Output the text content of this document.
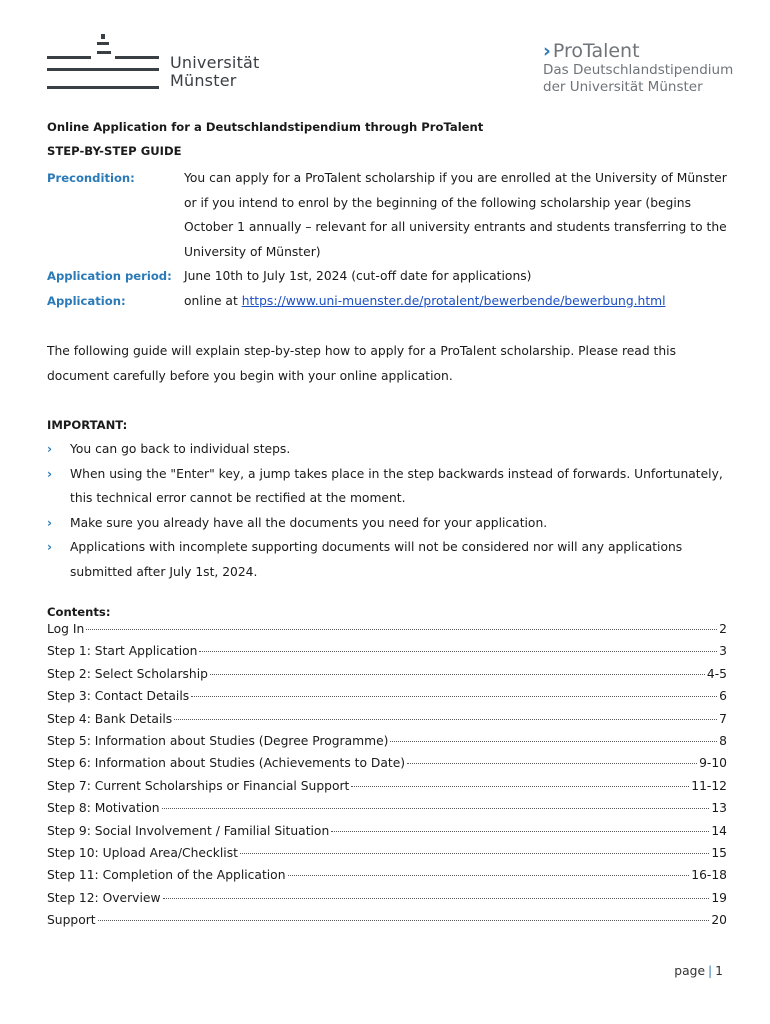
Universität
Münster
› ProTalent
Das Deutschlandstipendium
der Universität Münster
Online Application for a Deutschlandstipendium through ProTalent
STEP-BY-STEP GUIDE
Precondition:	You can apply for a ProTalent scholarship if you are enrolled at the University of Münster or if you intend to enrol by the beginning of the following scholarship year (begins October 1 annually – relevant for all university entrants and students transferring to the University of Münster)
Application period: June 10th to July 1st, 2024 (cut-off date for applications)
Application:	online at https://www.uni-muenster.de/protalent/bewerbende/bewerbung.html
The following guide will explain step-by-step how to apply for a ProTalent scholarship. Please read this document carefully before you begin with your online application.
IMPORTANT:
› You can go back to individual steps.
› When using the "Enter" key, a jump takes place in the step backwards instead of forwards. Unfortunately, this technical error cannot be rectified at the moment.
› Make sure you already have all the documents you need for your application.
› Applications with incomplete supporting documents will not be considered nor will any applications submitted after July 1st, 2024.
Contents:
Log In	2
Step 1: Start Application	3
Step 2: Select Scholarship	4-5
Step 3: Contact Details	6
Step 4: Bank Details	7
Step 5: Information about Studies (Degree Programme)	8
Step 6: Information about Studies (Achievements to Date)	9-10
Step 7: Current Scholarships or Financial Support	11-12
Step 8: Motivation	13
Step 9: Social Involvement / Familial Situation	14
Step 10: Upload Area/Checklist	15
Step 11: Completion of the Application	16-18
Step 12: Overview	19
Support	20
page | 1
